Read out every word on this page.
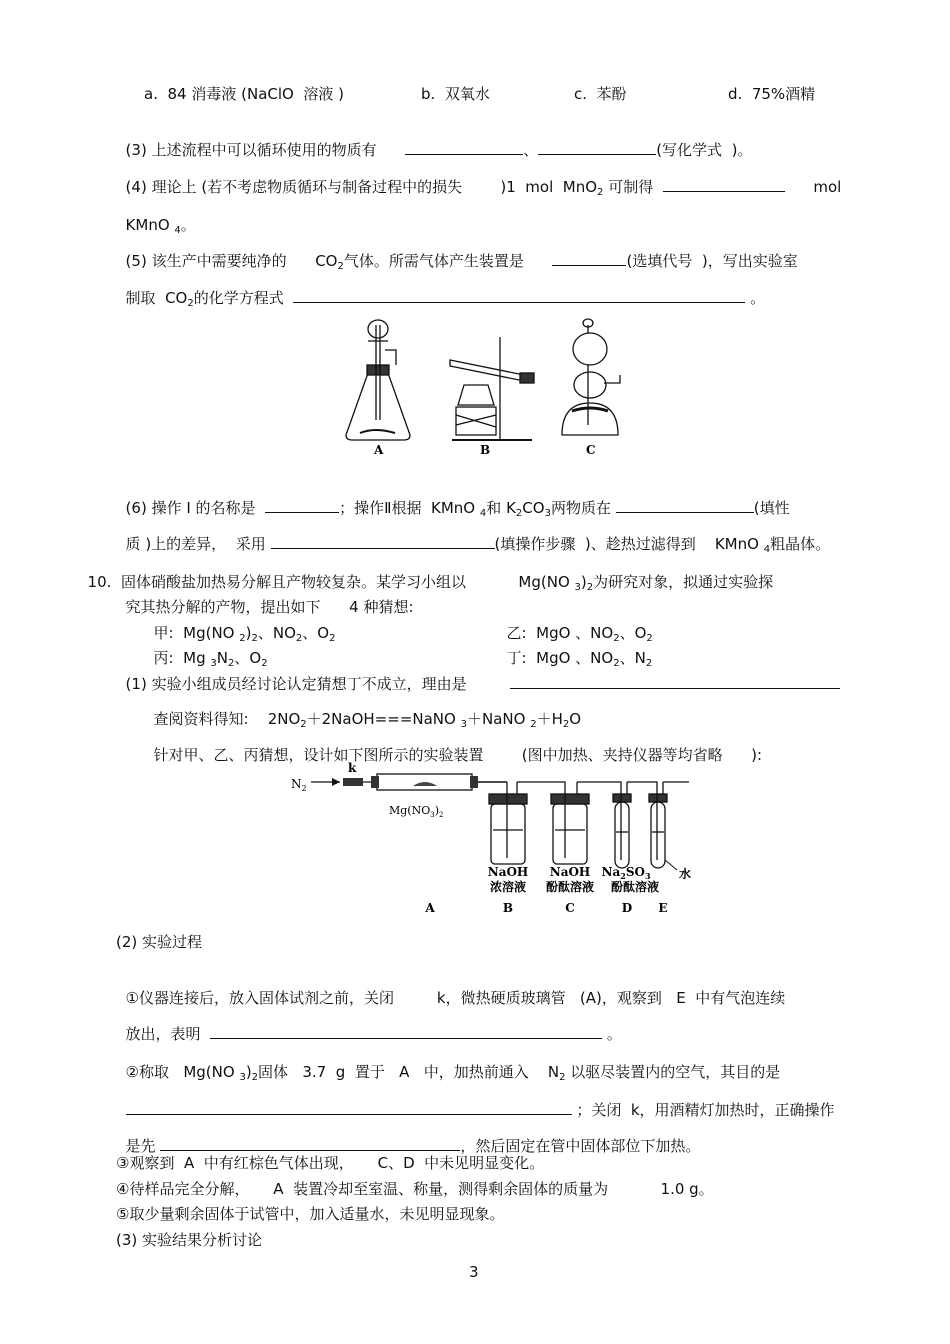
a.  84 消毒液 (NaClO  溶液 )	b.  双氧水	c.  苯酚	d.  75%酒精

(3) 上述流程中可以循环使用的物质有	、	(写化学式  )。

(4) 理论上 (若不考虑物质循环与制备过程中的损失	)1  mol  MnO$_2$ 可制得	mol

KMnO $_4$。

(5) 该生产中需要纯净的 $CO_2$气体。所需气体产生装置是	(选填代号  )，写出实验室

制取  $CO_2$的化学方程式	。

A	B	C

(6) 操作 I 的名称是	；操作Ⅱ根据 KMnO $_4$和 $K_2CO_3$两物质在	(填性

质 )上的差异，  采用	(填操作步骤  )、趁热过滤得到 KMnO $_4$粗晶体。

10. 固体硝酸盐加热易分解且产物较复杂。某学习小组以	Mg(NO $_3)_2$为研究对象，拟通过实验探

究其热分解的产物，提出如下 4 种猜想:

甲:  Mg(NO $_2)_2$、$NO_2$、$O_2$	乙:  MgO 、$NO_2$、$O_2$

丙:  Mg $_3N_2$、$O_2$	丁:  MgO 、$NO_2$、$N_2$

(1) 实验小组成员经讨论认定猜想丁不成立，理由是

查阅资料得知: $2NO_2+2NaOH===NaNO$ $_3$＋NaNO $_2+H_2O$

针对甲、乙、丙猜想，设计如下图所示的实验装置	(图中加热、夹持仪器等均省略      ):

$N_2$
k
$Mg(NO_3)_2$
NaOH
浓溶液
NaOH
酚酞溶液
$Na_2SO_3$
酚酞溶液
水
A	B	C	D E
(2) 实验过程

①仪器连接后，放入固体试剂之前，关闭	k，微热硬质玻璃管 (A)，观察到 E  中有气泡连续

放出，表明	。

②称取 Mg(NO $_3)_2$固体 3.7  g 置于 A 中，加热前通入 $N_2$ 以驱尽装置内的空气，其目的是

；关闭  k，用酒精灯加热时，正确操作

是先	，然后固定在管中固体部位下加热。

③观察到  A  中有红棕色气体出现，     C、D  中未见明显变化。
④待样品完全分解，     A  装置冷却至室温、称量，测得剩余固体的质量为           1.0 g。
⑤取少量剩余固体于试管中，加入适量水，未见明显现象。
(3) 实验结果分析讨论
3
